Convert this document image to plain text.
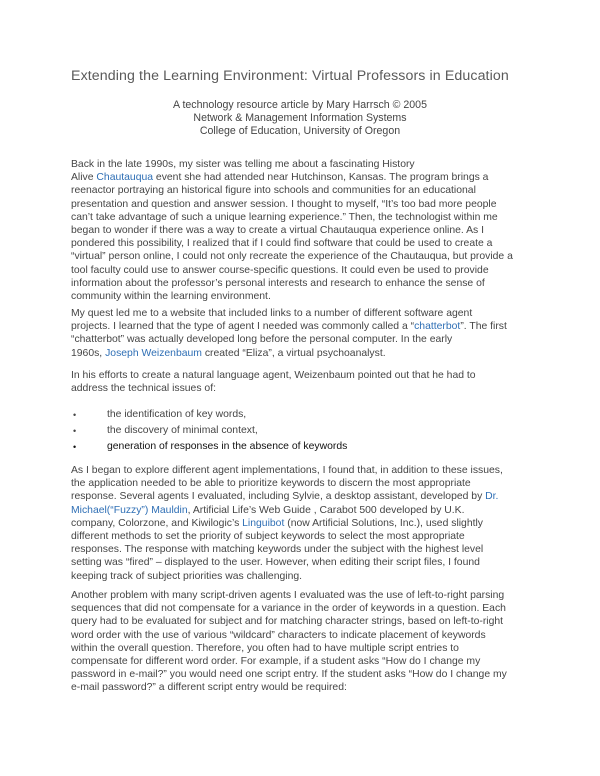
Extending the Learning Environment: Virtual Professors in Education
A technology resource article by Mary Harrsch © 2005
Network & Management Information Systems
College of Education, University of Oregon
Back in the late 1990s, my sister was telling me about a fascinating History
Alive Chautauqua event she had attended near Hutchinson, Kansas. The program brings a
reenactor portraying an historical figure into schools and communities for an educational
presentation and question and answer session. I thought to myself, “It’s too bad more people
can’t take advantage of such a unique learning experience.” Then, the technologist within me
began to wonder if there was a way to create a virtual Chautauqua experience online. As I
pondered this possibility, I realized that if I could find software that could be used to create a
“virtual” person online, I could not only recreate the experience of the Chautauqua, but provide a
tool faculty could use to answer course-specific questions. It could even be used to provide
information about the professor’s personal interests and research to enhance the sense of
community within the learning environment.
My quest led me to a website that included links to a number of different software agent
projects. I learned that the type of agent I needed was commonly called a “chatterbot”. The first
“chatterbot” was actually developed long before the personal computer. In the early
1960s, Joseph Weizenbaum created “Eliza”, a virtual psychoanalyst.
In his efforts to create a natural language agent, Weizenbaum pointed out that he had to
address the technical issues of:
•	the identification of key words,
•	the discovery of minimal context,
•	generation of responses in the absence of keywords
As I began to explore different agent implementations, I found that, in addition to these issues,
the application needed to be able to prioritize keywords to discern the most appropriate
response. Several agents I evaluated, including Sylvie, a desktop assistant, developed by Dr.
Michael(“Fuzzy”) Mauldin, Artificial Life’s Web Guide , Carabot 500 developed by U.K.
company, Colorzone, and Kiwilogic’s Linguibot (now Artificial Solutions, Inc.), used slightly
different methods to set the priority of subject keywords to select the most appropriate
responses. The response with matching keywords under the subject with the highest level
setting was “fired” – displayed to the user. However, when editing their script files, I found
keeping track of subject priorities was challenging.
Another problem with many script-driven agents I evaluated was the use of left-to-right parsing
sequences that did not compensate for a variance in the order of keywords in a question. Each
query had to be evaluated for subject and for matching character strings, based on left-to-right
word order with the use of various “wildcard” characters to indicate placement of keywords
within the overall question. Therefore, you often had to have multiple script entries to
compensate for different word order. For example, if a student asks “How do I change my
password in e-mail?” you would need one script entry. If the student asks “How do I change my
e-mail password?” a different script entry would be required:
